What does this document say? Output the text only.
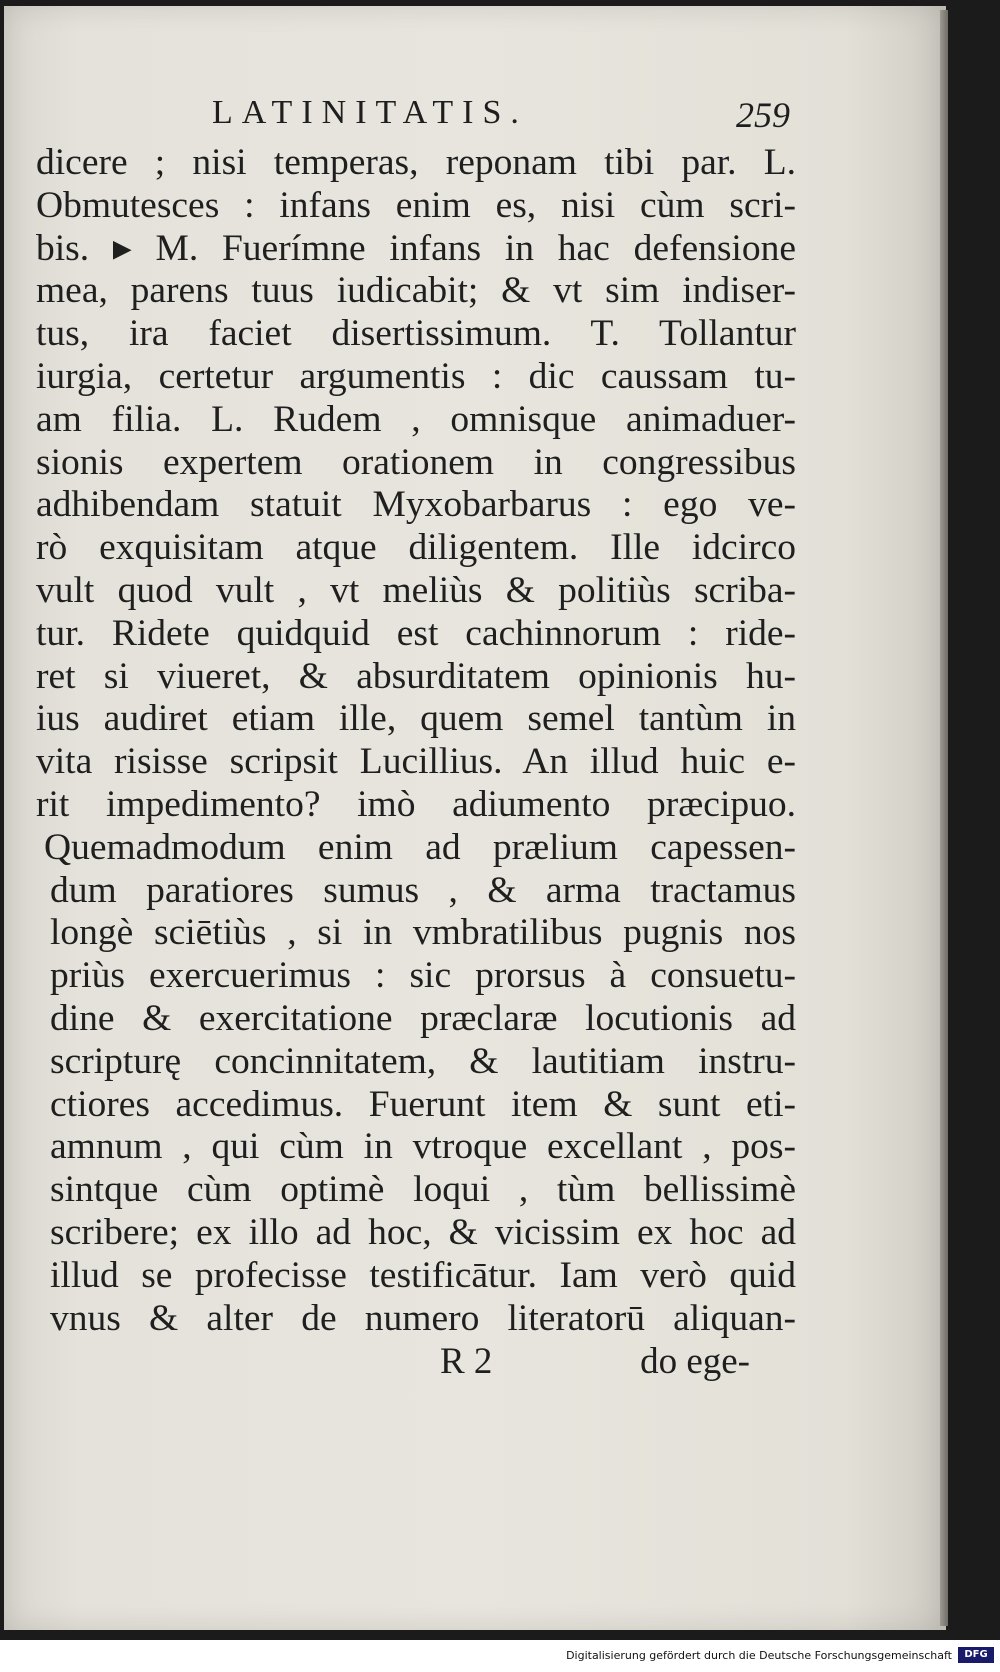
LATINITATIS.	259
dicere ; nisi temperas, reponam tibi par. L.
Obmutesces : infans enim es, nisi cùm scri-
bis. ▸ M. Fuerímne infans in hac defensione
mea, parens tuus iudicabit; & vt sim indiser-
tus, ira faciet disertissimum. T. Tollantur
iurgia, certetur argumentis : dic caussam tu-
am filia. L. Rudem , omnisque animaduer-
sionis expertem orationem in congressibus
adhibendam statuit Myxobarbarus : ego ve-
rò exquisitam atque diligentem. Ille idcirco
vult quod vult , vt meliùs & politiùs scriba-
tur. Ridete quidquid est cachinnorum : ride-
ret si viueret, & absurditatem opinionis hu-
ius audiret etiam ille, quem semel tantùm in
vita risisse scripsit Lucillius. An illud huic e-
rit impedimento? imò adiumento præcipuo.
Quemadmodum enim ad prælium capessen-
dum paratiores sumus , & arma tractamus
longè sciētiùs , si in vmbratilibus pugnis nos
priùs exercuerimus : sic prorsus à consuetu-
dine & exercitatione præclaræ locutionis ad
scripturę concinnitatem, & lautitiam instru-
ctiores accedimus. Fuerunt item & sunt eti-
amnum , qui cùm in vtroque excellant , pos-
sintque cùm optimè loqui , tùm bellissimè
scribere; ex illo ad hoc, & vicissim ex hoc ad
illud se profecisse testificātur. Iam verò quid
vnus & alter de numero literatorū aliquan-
R 2	do ege-
Digitalisierung gefördert durch die Deutsche Forschungsgemeinschaft	DFG
